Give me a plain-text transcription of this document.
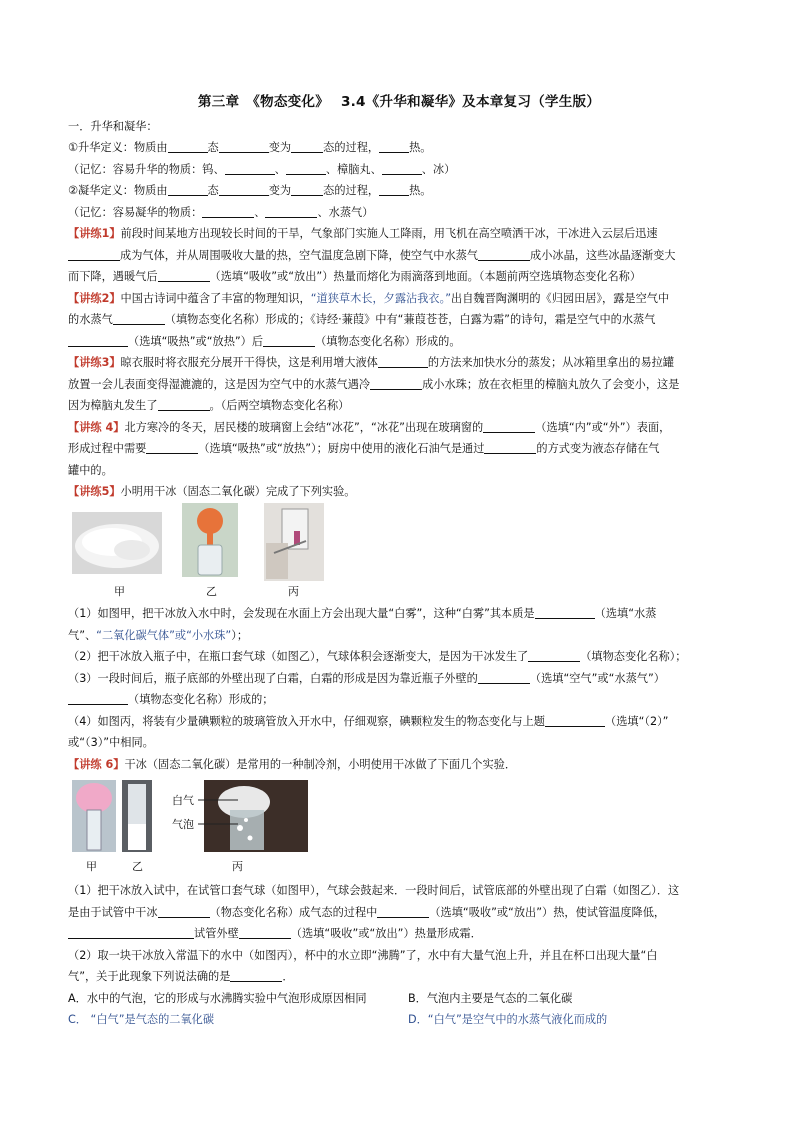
第三章　《物态变化》　 3.4《升华和凝华》及本章复习（学生版）
一．升华和凝华：
①升华定义：物质由	态	变为	态的过程，	热。
（记忆：容易升华的物质：钨、	、	、樟脑丸、	、冰）
②凝华定义：物质由	态	变为	态的过程，	热。
（记忆：容易凝华的物质：	、	、水蒸气）
【讲练1】前段时间某地方出现较长时间的干旱，气象部门实施人工降雨，用飞机在高空喷洒干冰，干冰进入云层后迅速
成为气体，并从周围吸收大量的热，空气温度急剧下降，使空气中水蒸气	成小冰晶，这些冰晶逐渐变大
而下降，遇暖气后	（选填“吸收”或“放出”）热量而熔化为雨滴落到地面。（本题前两空选填物态变化名称）
【讲练2】中国古诗词中蕴含了丰富的物理知识，“道狭草木长，夕露沾我衣。”出自魏晋陶渊明的《归园田居》，露是空气中
的水蒸气	（填物态变化名称）形成的；《诗经·蒹葭》中有“蒹葭苍苍，白露为霜”的诗句，霜是空气中的水蒸气
（选填“吸热”或“放热”）后	（填物态变化名称）形成的。
【讲练3】晾衣服时将衣服充分展开干得快，这是利用增大液体	的方法来加快水分的蒸发；从冰箱里拿出的易拉罐
放置一会儿表面变得湿漉漉的，这是因为空气中的水蒸气遇冷	成小水珠；放在衣柜里的樟脑丸放久了会变小，这是
因为樟脑丸发生了	。（后两空填物态变化名称）
【讲练 4】北方寒冷的冬天，居民楼的玻璃窗上会结“冰花”，“冰花”出现在玻璃窗的	（选填“内”或“外”）表面，
形成过程中需要	（选填“吸热”或“放热”）；厨房中使用的液化石油气是通过	的方式变为液态存储在气
罐中的。
【讲练5】小明用干冰（固态二氧化碳）完成了下列实验。
甲	乙	丙
（1）如图甲，把干冰放入水中时，会发现在水面上方会出现大量“白雾”，这种“白雾”其本质是	（选填“水蒸
气”、“二氧化碳气体”或“小水珠”）；
（2）把干冰放入瓶子中，在瓶口套气球（如图乙），气球体积会逐渐变大，是因为干冰发生了	（填物态变化名称）；
（3）一段时间后，瓶子底部的外壁出现了白霜，白霜的形成是因为靠近瓶子外壁的	（选填“空气”或“水蒸气”）
（填物态变化名称）形成的；
（4）如图丙，将装有少量碘颗粒的玻璃管放入开水中，仔细观察，碘颗粒发生的物态变化与上题	（选填“（2）”
或“（3）”中相同。
【讲练 6】干冰（固态二氧化碳）是常用的一种制冷剂，小明使用干冰做了下面几个实验．
白气
气泡
甲	乙	丙
（1）把干冰放入试中，在试管口套气球（如图甲），气球会鼓起来．一段时间后，试管底部的外壁出现了白霜（如图乙）．这
是由于试管中干冰	（物态变化名称）成气态的过程中	（选填“吸收”或“放出”）热，使试管温度降低，
试管外壁	（选填“吸收”或“放出”）热量形成霜．
（2）取一块干冰放入常温下的水中（如图丙），杯中的水立即“沸腾”了，水中有大量气泡上升，并且在杯口出现大量“白
气”，关于此现象下列说法确的是	．
A．水中的气泡，它的形成与水沸腾实验中气泡形成原因相同	B．气泡内主要是气态的二氧化碳
C． “白气”是气态的二氧化碳	D．“白气”是空气中的水蒸气液化而成的
